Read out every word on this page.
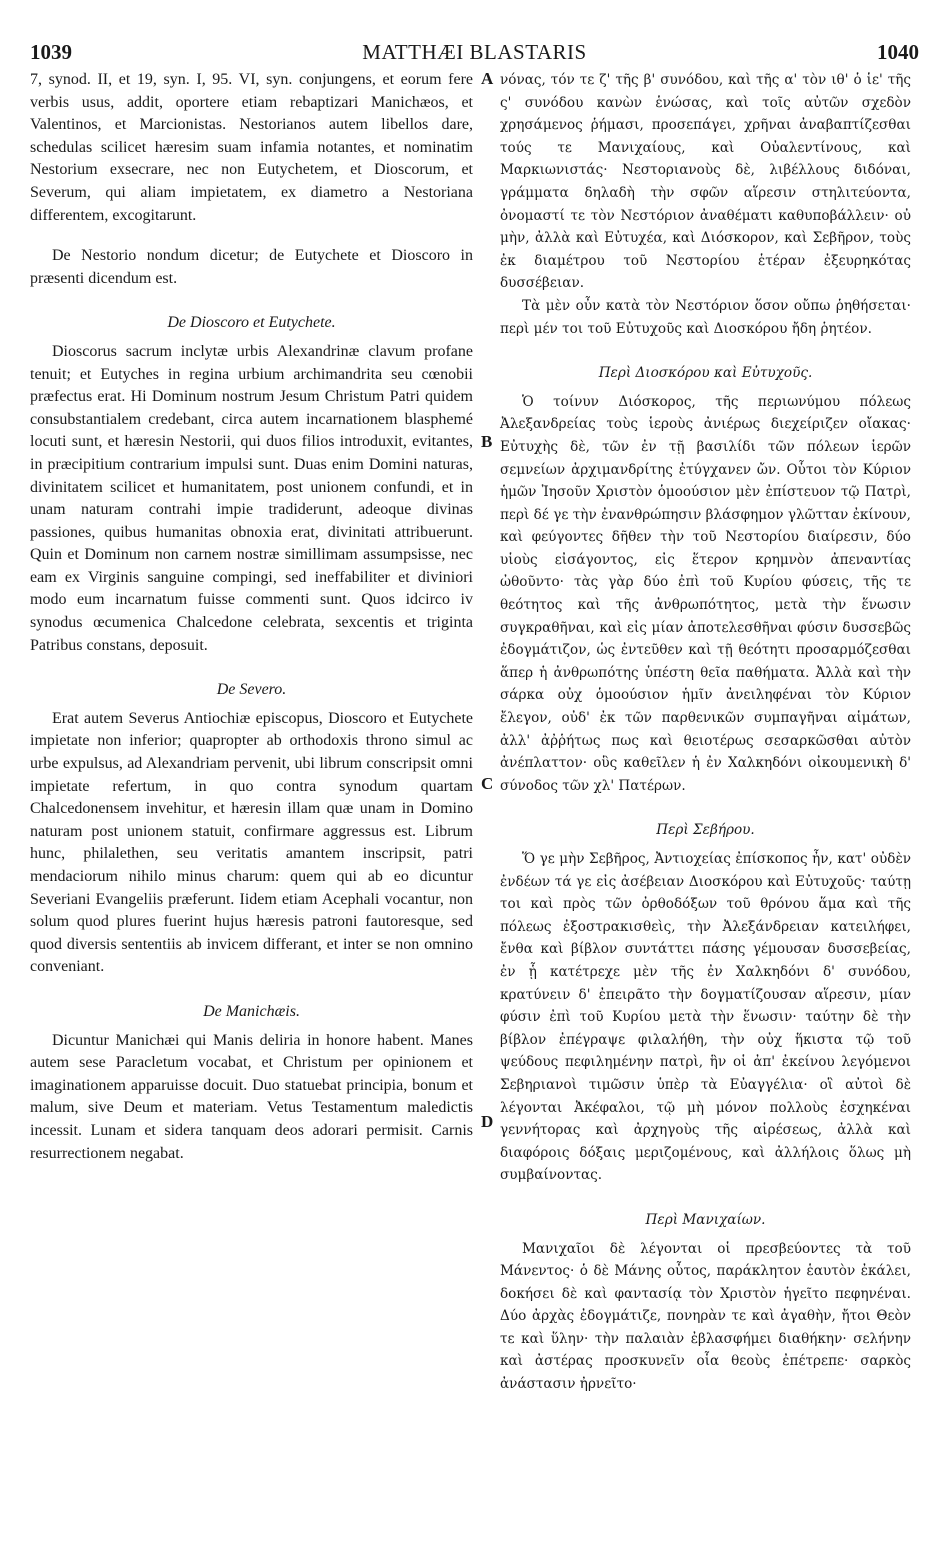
1039	MATTHÆI BLASTARIS	1040

7, synod. II, et 19, syn. I, 95. VI, syn. conjungens, et eorum fere verbis usus, addit, oportere etiam rebaptizari Manichæos, et Valentinos, et Marcionistas. Nestorianos autem libellos dare, schedulas scilicet hæresim suam infamia notantes, et nominatim Nestorium exsecrare, nec non Eutychetem, et Dioscorum, et Severum, qui aliam impietatem, ex diametro a Nestoriana differentem, excogitarunt.

De Nestorio nondum dicetur; de Eutychete et Dioscoro in præsenti dicendum est.

De Dioscoro et Eutychete.

Dioscorus sacrum inclytæ urbis Alexandrinæ clavum profane tenuit; et Eutyches in regina urbium archimandrita seu cœnobii præfectus erat. Hi Dominum nostrum Jesum Christum Patri quidem consubstantialem credebant, circa autem incarnationem blasphemé locuti sunt, et hæresin Nestorii, qui duos filios introduxit, evitantes, in præcipitium contrarium impulsi sunt. Duas enim Domini naturas, divinitatem scilicet et humanitatem, post unionem confundi, et in unam naturam contrahi impie tradiderunt, adeoque divinas passiones, quibus humanitas obnoxia erat, divinitati attribuerunt. Quin et Dominum non carnem nostræ simillimam assumpsisse, nec eam ex Virginis sanguine compingi, sed ineffabiliter et diviniori modo eum incarnatum fuisse commenti sunt. Quos idcirco iv synodus œcumenica Chalcedone celebrata, sexcentis et triginta Patribus constans, deposuit.

De Severo.

Erat autem Severus Antiochiæ episcopus, Dioscoro et Eutychete impietate non inferior; quapropter ab orthodoxis throno simul ac urbe expulsus, ad Alexandriam pervenit, ubi librum conscripsit omni impietate refertum, in quo contra synodum quartam Chalcedonensem invehitur, et hæresin illam quæ unam in Domino naturam post unionem statuit, confirmare aggressus est. Librum hunc, philalethen, seu veritatis amantem inscripsit, patri mendaciorum nihilo minus charum: quem qui ab eo dicuntur Severiani Evangeliis præferunt. Iidem etiam Acephali vocantur, non solum quod plures fuerint hujus hæresis patroni fautoresque, sed quod diversis sententiis ab invicem differant, et inter se non omnino conveniant.

De Manichæis.

Dicuntur Manichæi qui Manis deliria in honore habent. Manes autem sese Paracletum vocabat, et Christum per opinionem et imaginationem apparuisse docuit. Duo statuebat principia, bonum et malum, sive Deum et materiam. Vetus Testamentum maledictis incessit. Lunam et sidera tanquam deos adorari permisit. Carnis resurrectionem negabat.

A
B
C
D

νόνας, τόν τε ζ' τῆς β' συνόδου, καὶ τῆς α' τὸν ιθ' ὁ ἱε' τῆς ς' συνόδου κανὼν ἑνώσας, καὶ τοῖς αὐτῶν σχεδὸν χρησάμενος ῥήμασι, προσεπάγει, χρῆναι ἀναβαπτίζεσθαι τούς τε Μανιχαίους, καὶ Οὐαλεντίνους, καὶ Μαρκιωνιστάς· Νεστοριανοὺς δὲ, λιβέλλους διδόναι, γράμματα δηλαδὴ τὴν σφῶν αἵρεσιν στηλιτεύοντα, ὀνομαστί τε τὸν Νεστόριον ἀναθέματι καθυποβάλλειν· οὐ μὴν, ἀλλὰ καὶ Εὐτυχέα, καὶ Διόσκορον, καὶ Σεβῆρον, τοὺς ἐκ διαμέτρου τοῦ Νεστορίου ἑτέραν ἐξευρηκότας δυσσέβειαν.

Τὰ μὲν οὖν κατὰ τὸν Νεστόριον ὅσον οὔπω ῥηθήσεται· περὶ μέν τοι τοῦ Εὐτυχοῦς καὶ Διοσκόρου ἤδη ῥητέον.

Περὶ Διοσκόρου καὶ Εὐτυχοῦς.

Ὁ τοίνυν Διόσκορος, τῆς περιωνύμου πόλεως Ἀλεξανδρείας τοὺς ἱεροὺς ἀνιέρως διεχείριζεν οἴακας· Εὐτυχὴς δὲ, τῶν ἐν τῇ βασιλίδι τῶν πόλεων ἱερῶν σεμνείων ἀρχιμανδρίτης ἐτύγχανεν ὤν. Οὗτοι τὸν Κύριον ἡμῶν Ἰησοῦν Χριστὸν ὁμοούσιον μὲν ἐπίστευον τῷ Πατρὶ, περὶ δέ γε τὴν ἐνανθρώπησιν βλάσφημον γλῶτταν ἐκίνουν, καὶ φεύγοντες δῆθεν τὴν τοῦ Νεστορίου διαίρεσιν, δύο υἱοὺς εἰσάγοντος, εἰς ἕτερον κρημνὸν ἀπεναντίας ὠθοῦντο· τὰς γὰρ δύο ἐπὶ τοῦ Κυρίου φύσεις, τῆς τε θεότητος καὶ τῆς ἀνθρωπότητος, μετὰ τὴν ἕνωσιν συγκραθῆναι, καὶ εἰς μίαν ἀποτελεσθῆναι φύσιν δυσσεβῶς ἐδογμάτιζον, ὡς ἐντεῦθεν καὶ τῇ θεότητι προσαρμόζεσθαι ἅπερ ἡ ἀνθρωπότης ὑπέστη θεῖα παθήματα. Ἀλλὰ καὶ τὴν σάρκα οὐχ ὁμοούσιον ἡμῖν ἀνειληφέναι τὸν Κύριον ἔλεγον, οὐδ' ἐκ τῶν παρθενικῶν συμπαγῆναι αἱμάτων, ἀλλ' ἀῤῥήτως πως καὶ θειοτέρως σεσαρκῶσθαι αὐτὸν ἀνέπλαττον· οὓς καθεῖλεν ἡ ἐν Χαλκηδόνι οἰκουμενικὴ δ' σύνοδος τῶν χλ' Πατέρων.

Περὶ Σεβήρου.

Ὅ γε μὴν Σεβῆρος, Ἀντιοχείας ἐπίσκοπος ἦν, κατ' οὐδὲν ἐνδέων τά γε εἰς ἀσέβειαν Διοσκόρου καὶ Εὐτυχοῦς· ταύτῃ τοι καὶ πρὸς τῶν ὀρθοδόξων τοῦ θρόνου ἅμα καὶ τῆς πόλεως ἐξοστρακισθεὶς, τὴν Ἀλεξάνδρειαν κατειλήφει, ἔνθα καὶ βίβλον συντάττει πάσης γέμουσαν δυσσεβείας, ἐν ᾗ κατέτρεχε μὲν τῆς ἐν Χαλκηδόνι δ' συνόδου, κρατύνειν δ' ἐπειρᾶτο τὴν δογματίζουσαν αἵρεσιν, μίαν φύσιν ἐπὶ τοῦ Κυρίου μετὰ τὴν ἕνωσιν· ταύτην δὲ τὴν βίβλον ἐπέγραψε φιλαλήθη, τὴν οὐχ ἥκιστα τῷ τοῦ ψεύδους πεφιλημένην πατρὶ, ἣν οἱ ἀπ' ἐκείνου λεγόμενοι Σεβηριανοὶ τιμῶσιν ὑπὲρ τὰ Εὐαγγέλια· οἳ αὐτοὶ δὲ λέγονται Ἀκέφαλοι, τῷ μὴ μόνον πολλοὺς ἐσχηκέναι γεννήτορας καὶ ἀρχηγοὺς τῆς αἱρέσεως, ἀλλὰ καὶ διαφόροις δόξαις μεριζομένους, καὶ ἀλλήλοις ὅλως μὴ συμβαίνοντας.

Περὶ Μανιχαίων.

Μανιχαῖοι δὲ λέγονται οἱ πρεσβεύοντες τὰ τοῦ Μάνεντος· ὁ δὲ Μάνης οὗτος, παράκλητον ἑαυτὸν ἐκάλει, δοκήσει δὲ καὶ φαντασίᾳ τὸν Χριστὸν ἡγεῖτο πεφηνέναι. Δύο ἀρχὰς ἐδογμάτιζε, πονηρὰν τε καὶ ἀγαθὴν, ἤτοι Θεὸν τε καὶ ὕλην· τὴν παλαιὰν ἐβλασφήμει διαθήκην· σελήνην καὶ ἀστέρας προσκυνεῖν οἷα θεοὺς ἐπέτρεπε· σαρκὸς ἀνάστασιν ἠρνεῖτο·
